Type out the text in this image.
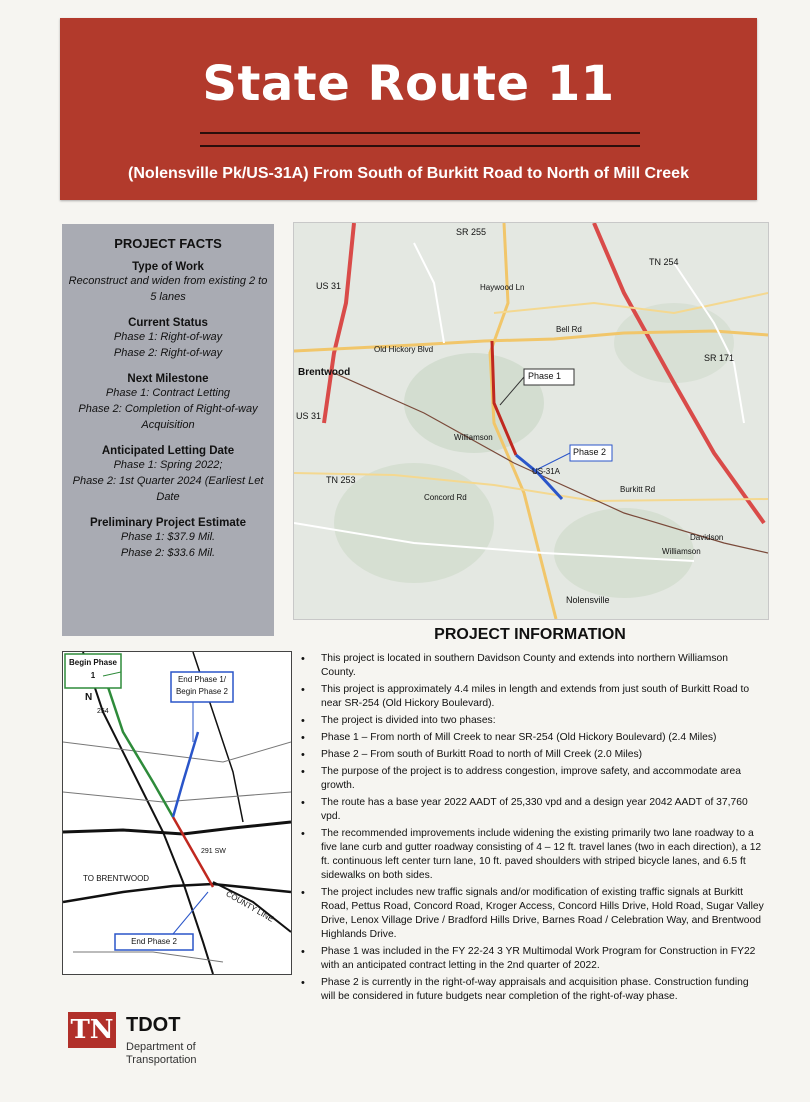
State Route 11
(Nolensville Pk/US-31A) From South of Burkitt Road to North of Mill Creek
PROJECT FACTS
Type of Work
Reconstruct and widen from existing 2 to 5 lanes
Current Status
Phase 1: Right-of-way
Phase 2: Right-of-way
Next Milestone
Phase 1: Contract Letting
Phase 2: Completion of Right-of-way Acquisition
Anticipated Letting Date
Phase 1: Spring 2022;
Phase 2: 1st Quarter 2024 (Earliest Let Date
Preliminary Project Estimate
Phase 1: $37.9 Mil.
Phase 2: $33.6 Mil.
SR 255
US 31
TN 254
SR 171
Brentwood
US 31
TN 253
Old Hickory Blvd
Williamson
Concord Rd
Burkitt Rd
Davidson
Williamson
Nolensville
US-31A
Haywood Ln
Bell Rd
Phase 1
Phase 2
Begin Phase 1	End Phase 1/
Begin Phase 2
End Phase 2
TO BRENTWOOD
COUNTY LINE
N
291 SW
254
PROJECT INFORMATION
• This project is located in southern Davidson County and extends into northern Williamson County.
• This project is approximately 4.4 miles in length and extends from just south of Burkitt Road to near SR-254 (Old Hickory Boulevard).
• The project is divided into two phases:
• Phase 1 – From north of Mill Creek to near SR-254 (Old Hickory Boulevard) (2.4 Miles)
• Phase 2 – From south of Burkitt Road to north of Mill Creek (2.0 Miles)
• The purpose of the project is to address congestion, improve safety, and accommodate area growth.
• The route has a base year 2022 AADT of 25,330 vpd and a design year 2042 AADT of 37,760 vpd.
• The recommended improvements include widening the existing primarily two lane roadway to a five lane curb and gutter roadway consisting of 4 – 12 ft. travel lanes (two in each direction), a 12 ft. continuous left center turn lane, 10 ft. paved shoulders with striped bicycle lanes, and 6.5 ft sidewalks on both sides.
• The project includes new traffic signals and/or modification of existing traffic signals at Burkitt Road, Pettus Road, Concord Road, Kroger Access, Concord Hills Drive, Hold Road, Sugar Valley Drive, Lenox Village Drive / Bradford Hills Drive, Barnes Road / Celebration Way, and Brentwood Highlands Drive.
• Phase 1 was included in the FY 22-24 3 YR Multimodal Work Program for Construction in FY22 with an anticipated contract letting in the 2nd quarter of 2022.
• Phase 2 is currently in the right-of-way appraisals and acquisition phase. Construction funding will be considered in future budgets near completion of the right-of-way phase.
TN TDOT
Department of
Transportation
